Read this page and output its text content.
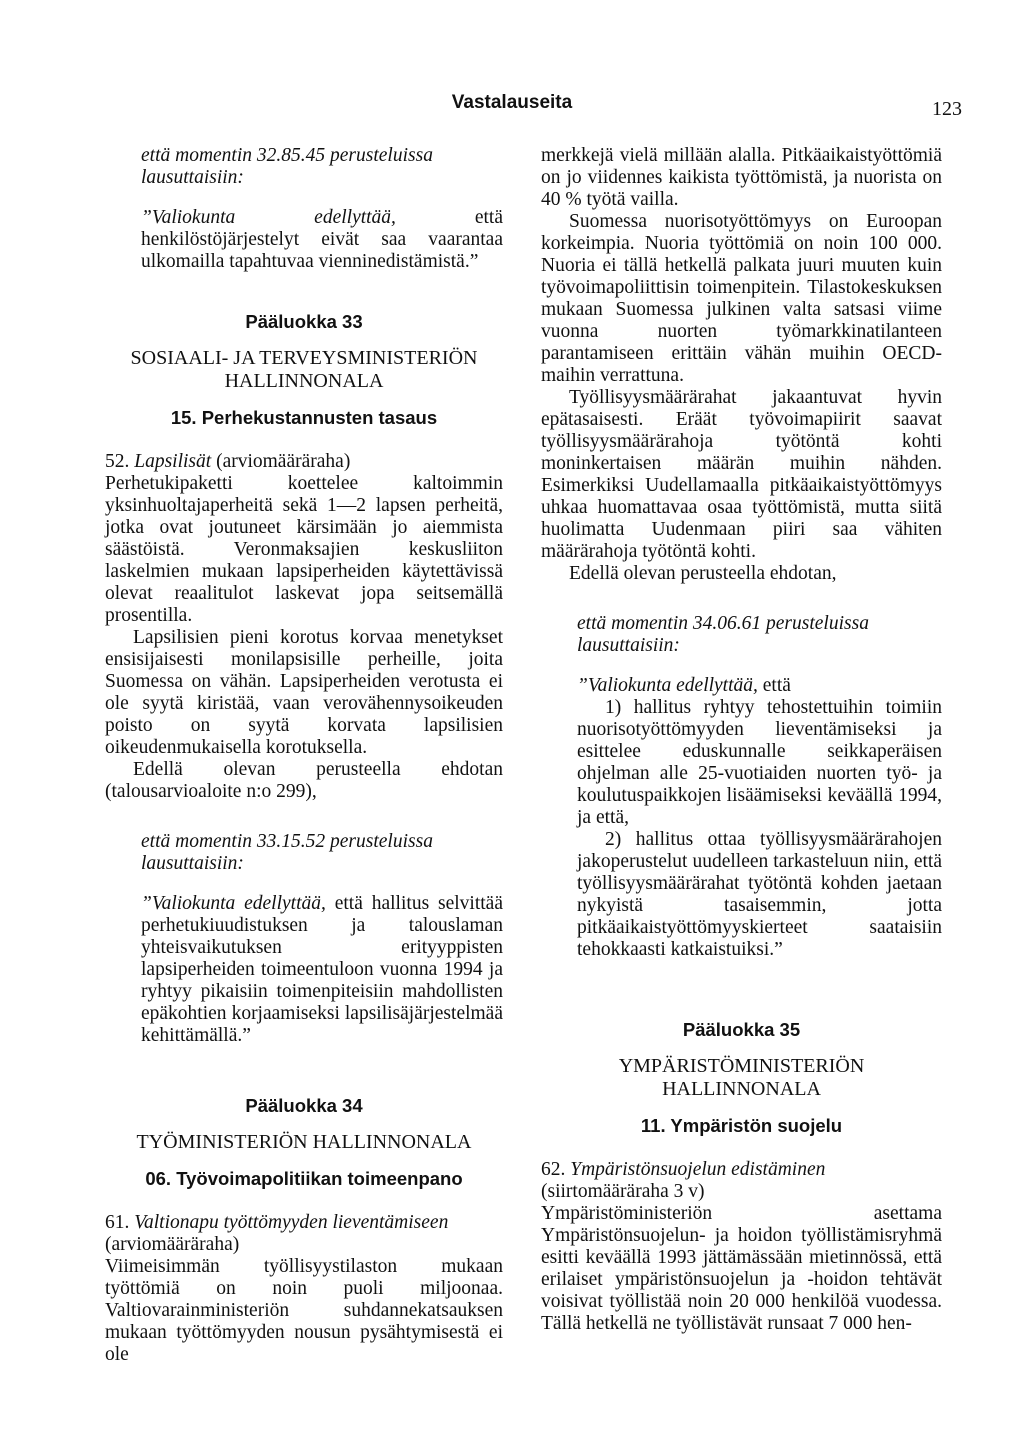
Vastalauseita	123

että momentin 32.85.45 perusteluissa lausuttaisiin:

”Valiokunta edellyttää, että henkilöstöjärjestelyt eivät saa vaarantaa ulkomailla tapahtuvaa vienninedistämistä.”

Pääluokka 33

SOSIAALI- JA TERVEYSMINISTERIÖN HALLINNONALA

15. Perhekustannusten tasaus

52. Lapsilisät (arviomääräraha)

Perhetukipaketti koettelee kaltoimmin yksinhuoltajaperheitä sekä 1—2 lapsen perheitä, jotka ovat joutuneet kärsimään jo aiemmista säästöistä. Veronmaksajien keskusliiton laskelmien mukaan lapsiperheiden käytettävissä olevat reaalitulot laskevat jopa seitsemällä prosentilla.

Lapsilisien pieni korotus korvaa menetykset ensisijaisesti monilapsisille perheille, joita Suomessa on vähän. Lapsiperheiden verotusta ei ole syytä kiristää, vaan verovähennysoikeuden poisto on syytä korvata lapsilisien oikeudenmukaisella korotuksella.

Edellä olevan perusteella ehdotan (talousarvioaloite n:o 299),

että momentin 33.15.52 perusteluissa lausuttaisiin:

”Valiokunta edellyttää, että hallitus selvittää perhetukiuudistuksen ja talouslaman yhteisvaikutuksen erityyppisten lapsiperheiden toimeentuloon vuonna 1994 ja ryhtyy pikaisiin toimenpiteisiin mahdollisten epäkohtien korjaamiseksi lapsilisäjärjestelmää kehittämällä.”

Pääluokka 34

TYÖMINISTERIÖN HALLINNONALA

06. Työvoimapolitiikan toimeenpano

61. Valtionapu työttömyyden lieventämiseen (arviomääräraha)

Viimeisimmän työllisyystilaston mukaan työttömiä on noin puoli miljoonaa. Valtiovarainministeriön suhdannekatsauksen mukaan työttömyyden nousun pysähtymisestä ei ole

merkkejä vielä millään alalla. Pitkäaikaistyöttömiä on jo viidennes kaikista työttömistä, ja nuorista on 40 % työtä vailla.

Suomessa nuorisotyöttömyys on Euroopan korkeimpia. Nuoria työttömiä on noin 100 000. Nuoria ei tällä hetkellä palkata juuri muuten kuin työvoimapoliittisin toimenpitein. Tilastokeskuksen mukaan Suomessa julkinen valta satsasi viime vuonna nuorten työmarkkinatilanteen parantamiseen erittäin vähän muihin OECD-maihin verrattuna.

Työllisyysmäärärahat jakaantuvat hyvin epätasaisesti. Eräät työvoimapiirit saavat työllisyysmäärärahoja työtöntä kohti moninkertaisen määrän muihin nähden. Esimerkiksi Uudellamaalla pitkäaikaistyöttömyys uhkaa huomattavaa osaa työttömistä, mutta siitä huolimatta Uudenmaan piiri saa vähiten määrärahoja työtöntä kohti.

Edellä olevan perusteella ehdotan,

että momentin 34.06.61 perusteluissa lausuttaisiin:

”Valiokunta edellyttää, että

1) hallitus ryhtyy tehostettuihin toimiin nuorisotyöttömyyden lieventämiseksi ja esittelee eduskunnalle seikkaperäisen ohjelman alle 25-vuotiaiden nuorten työ- ja koulutuspaikkojen lisäämiseksi keväällä 1994, ja että,

2) hallitus ottaa työllisyysmäärärahojen jakoperustelut uudelleen tarkasteluun niin, että työllisyysmäärärahat työtöntä kohden jaetaan nykyistä tasaisemmin, jotta pitkäaikaistyöttömyyskierteet saataisiin tehokkaasti katkaistuiksi.”

Pääluokka 35

YMPÄRISTÖMINISTERIÖN HALLINNONALA

11. Ympäristön suojelu

62. Ympäristönsuojelun edistäminen (siirtomääräraha 3 v)

Ympäristöministeriön asettama Ympäristönsuojelun- ja hoidon työllistämisryhmä esitti keväällä 1993 jättämässään mietinnössä, että erilaiset ympäristönsuojelun ja -hoidon tehtävät voisivat työllistää noin 20 000 henkilöä vuodessa. Tällä hetkellä ne työllistävät runsaat 7 000 hen-
